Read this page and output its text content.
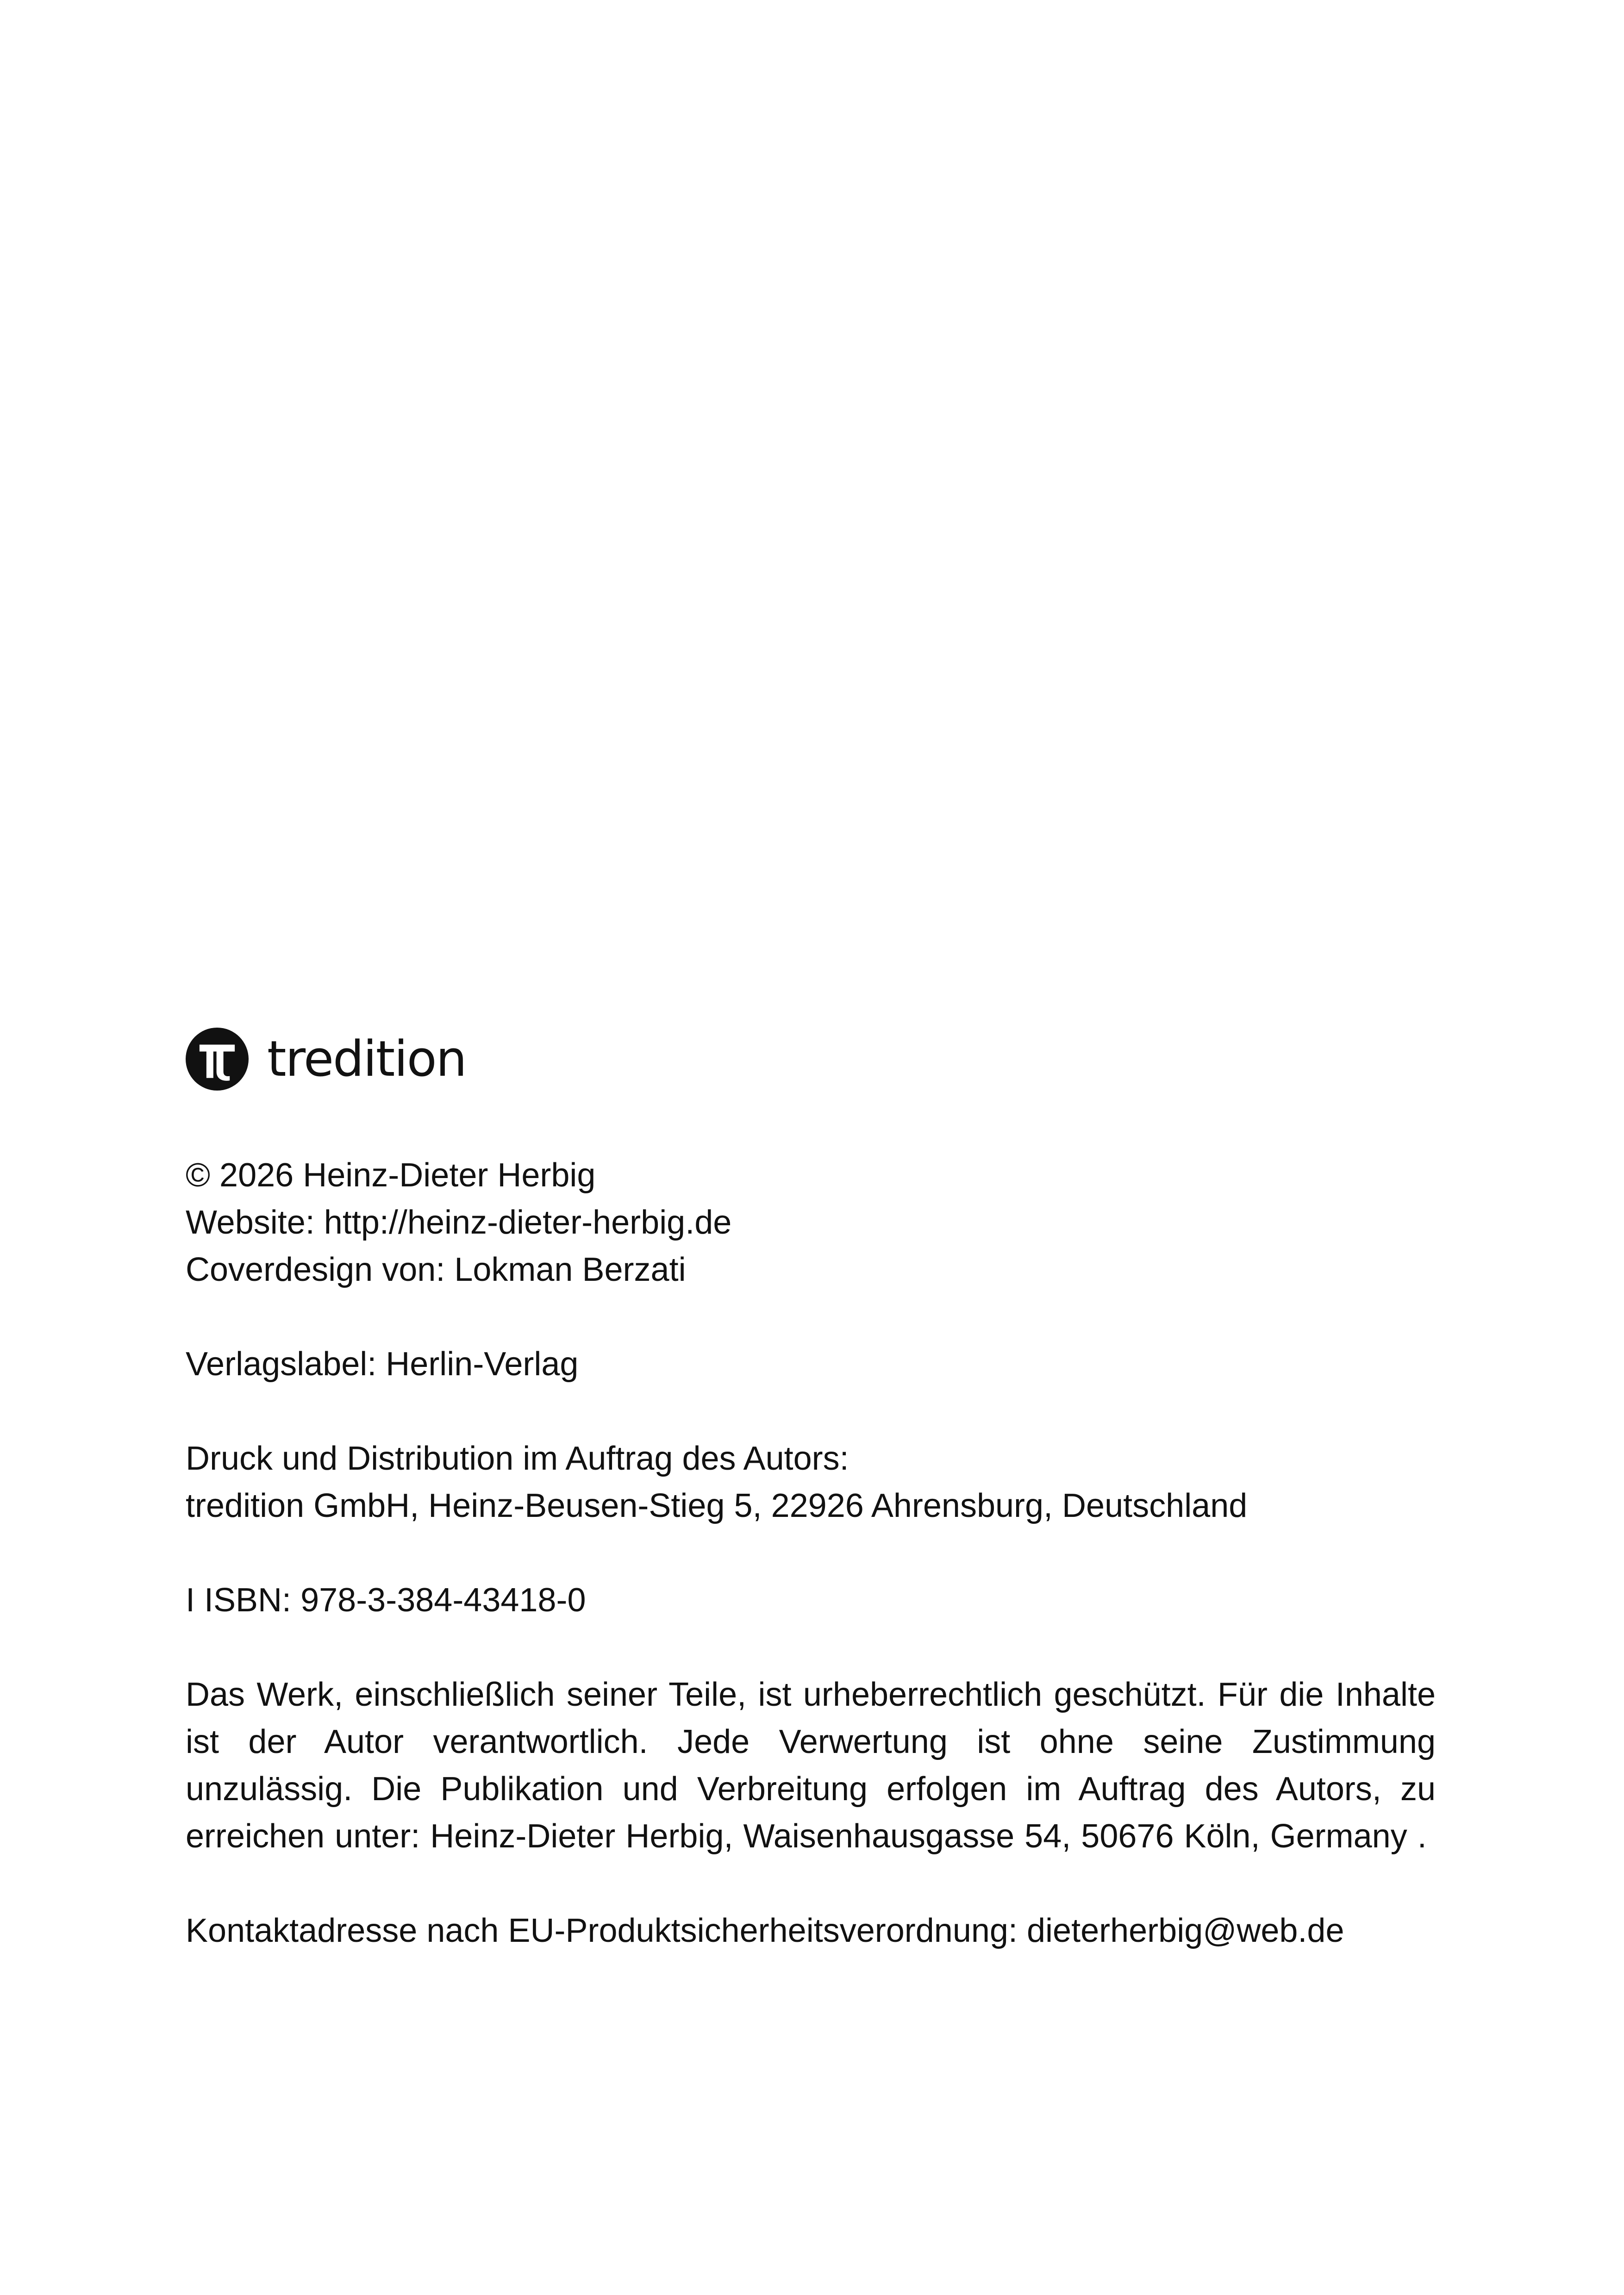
tredition
© 2026 Heinz-Dieter Herbig
Website: http://heinz-dieter-herbig.de
Coverdesign von: Lokman Berzati
Verlagslabel: Herlin-Verlag
Druck und Distribution im Auftrag des Autors:
tredition GmbH, Heinz-Beusen-Stieg 5, 22926 Ahrensburg, Deutschland
I ISBN: 978-3-384-43418-0
Das Werk, einschließlich seiner Teile, ist urheberrechtlich geschützt. Für die Inhalte ist der Autor verantwortlich. Jede Verwertung ist ohne seine Zustimmung unzulässig. Die Publikation und Verbreitung erfolgen im Auftrag des Autors, zu erreichen unter: Heinz-Dieter Herbig, Waisenhausgasse 54, 50676 Köln, Germany .
Kontaktadresse nach EU-Produktsicherheitsverordnung: dieterherbig@web.de
